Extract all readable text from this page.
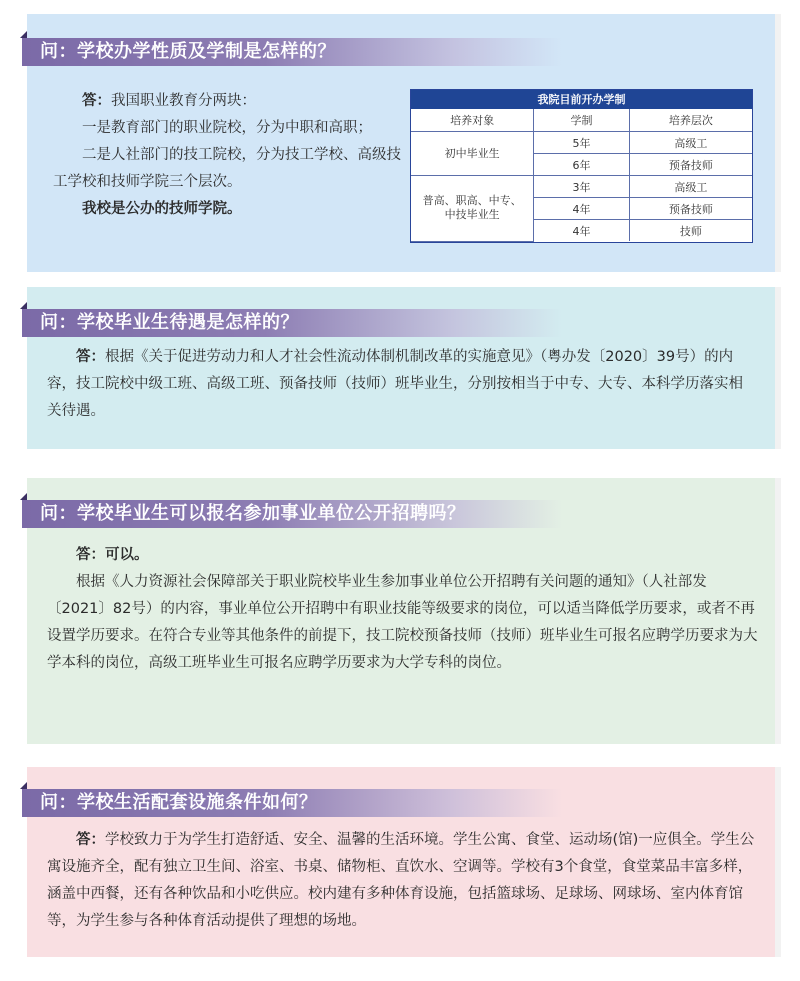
问：学校办学性质及学制是怎样的？

答：我国职业教育分两块：

一是教育部门的职业院校，分为中职和高职；

二是人社部门的技工院校，分为技工学校、高级技工学校和技师学院三个层次。

我校是公办的技师学院。

我院目前开办学制
培养对象	学制	培养层次
初中毕业生	5年	高级工
	6年	预备技师
普高、职高、中专、中技毕业生	3年	高级工
	4年	预备技师
	4年	技师
问：学校毕业生待遇是怎样的？

答：根据《关于促进劳动力和人才社会性流动体制机制改革的实施意见》（粤办发〔2020〕39号）的内容，技工院校中级工班、高级工班、预备技师（技师）班毕业生，分别按相当于中专、大专、本科学历落实相关待遇。

问：学校毕业生可以报名参加事业单位公开招聘吗？

答：可以。

根据《人力资源社会保障部关于职业院校毕业生参加事业单位公开招聘有关问题的通知》（人社部发〔2021〕82号）的内容，事业单位公开招聘中有职业技能等级要求的岗位，可以适当降低学历要求，或者不再设置学历要求。在符合专业等其他条件的前提下，技工院校预备技师（技师）班毕业生可报名应聘学历要求为大学本科的岗位，高级工班毕业生可报名应聘学历要求为大学专科的岗位。

问：学校生活配套设施条件如何？

答：学校致力于为学生打造舒适、安全、温馨的生活环境。学生公寓、食堂、运动场(馆)一应俱全。学生公寓设施齐全，配有独立卫生间、浴室、书桌、储物柜、直饮水、空调等。学校有3个食堂，食堂菜品丰富多样，涵盖中西餐，还有各种饮品和小吃供应。校内建有多种体育设施，包括篮球场、足球场、网球场、室内体育馆等，为学生参与各种体育活动提供了理想的场地。
